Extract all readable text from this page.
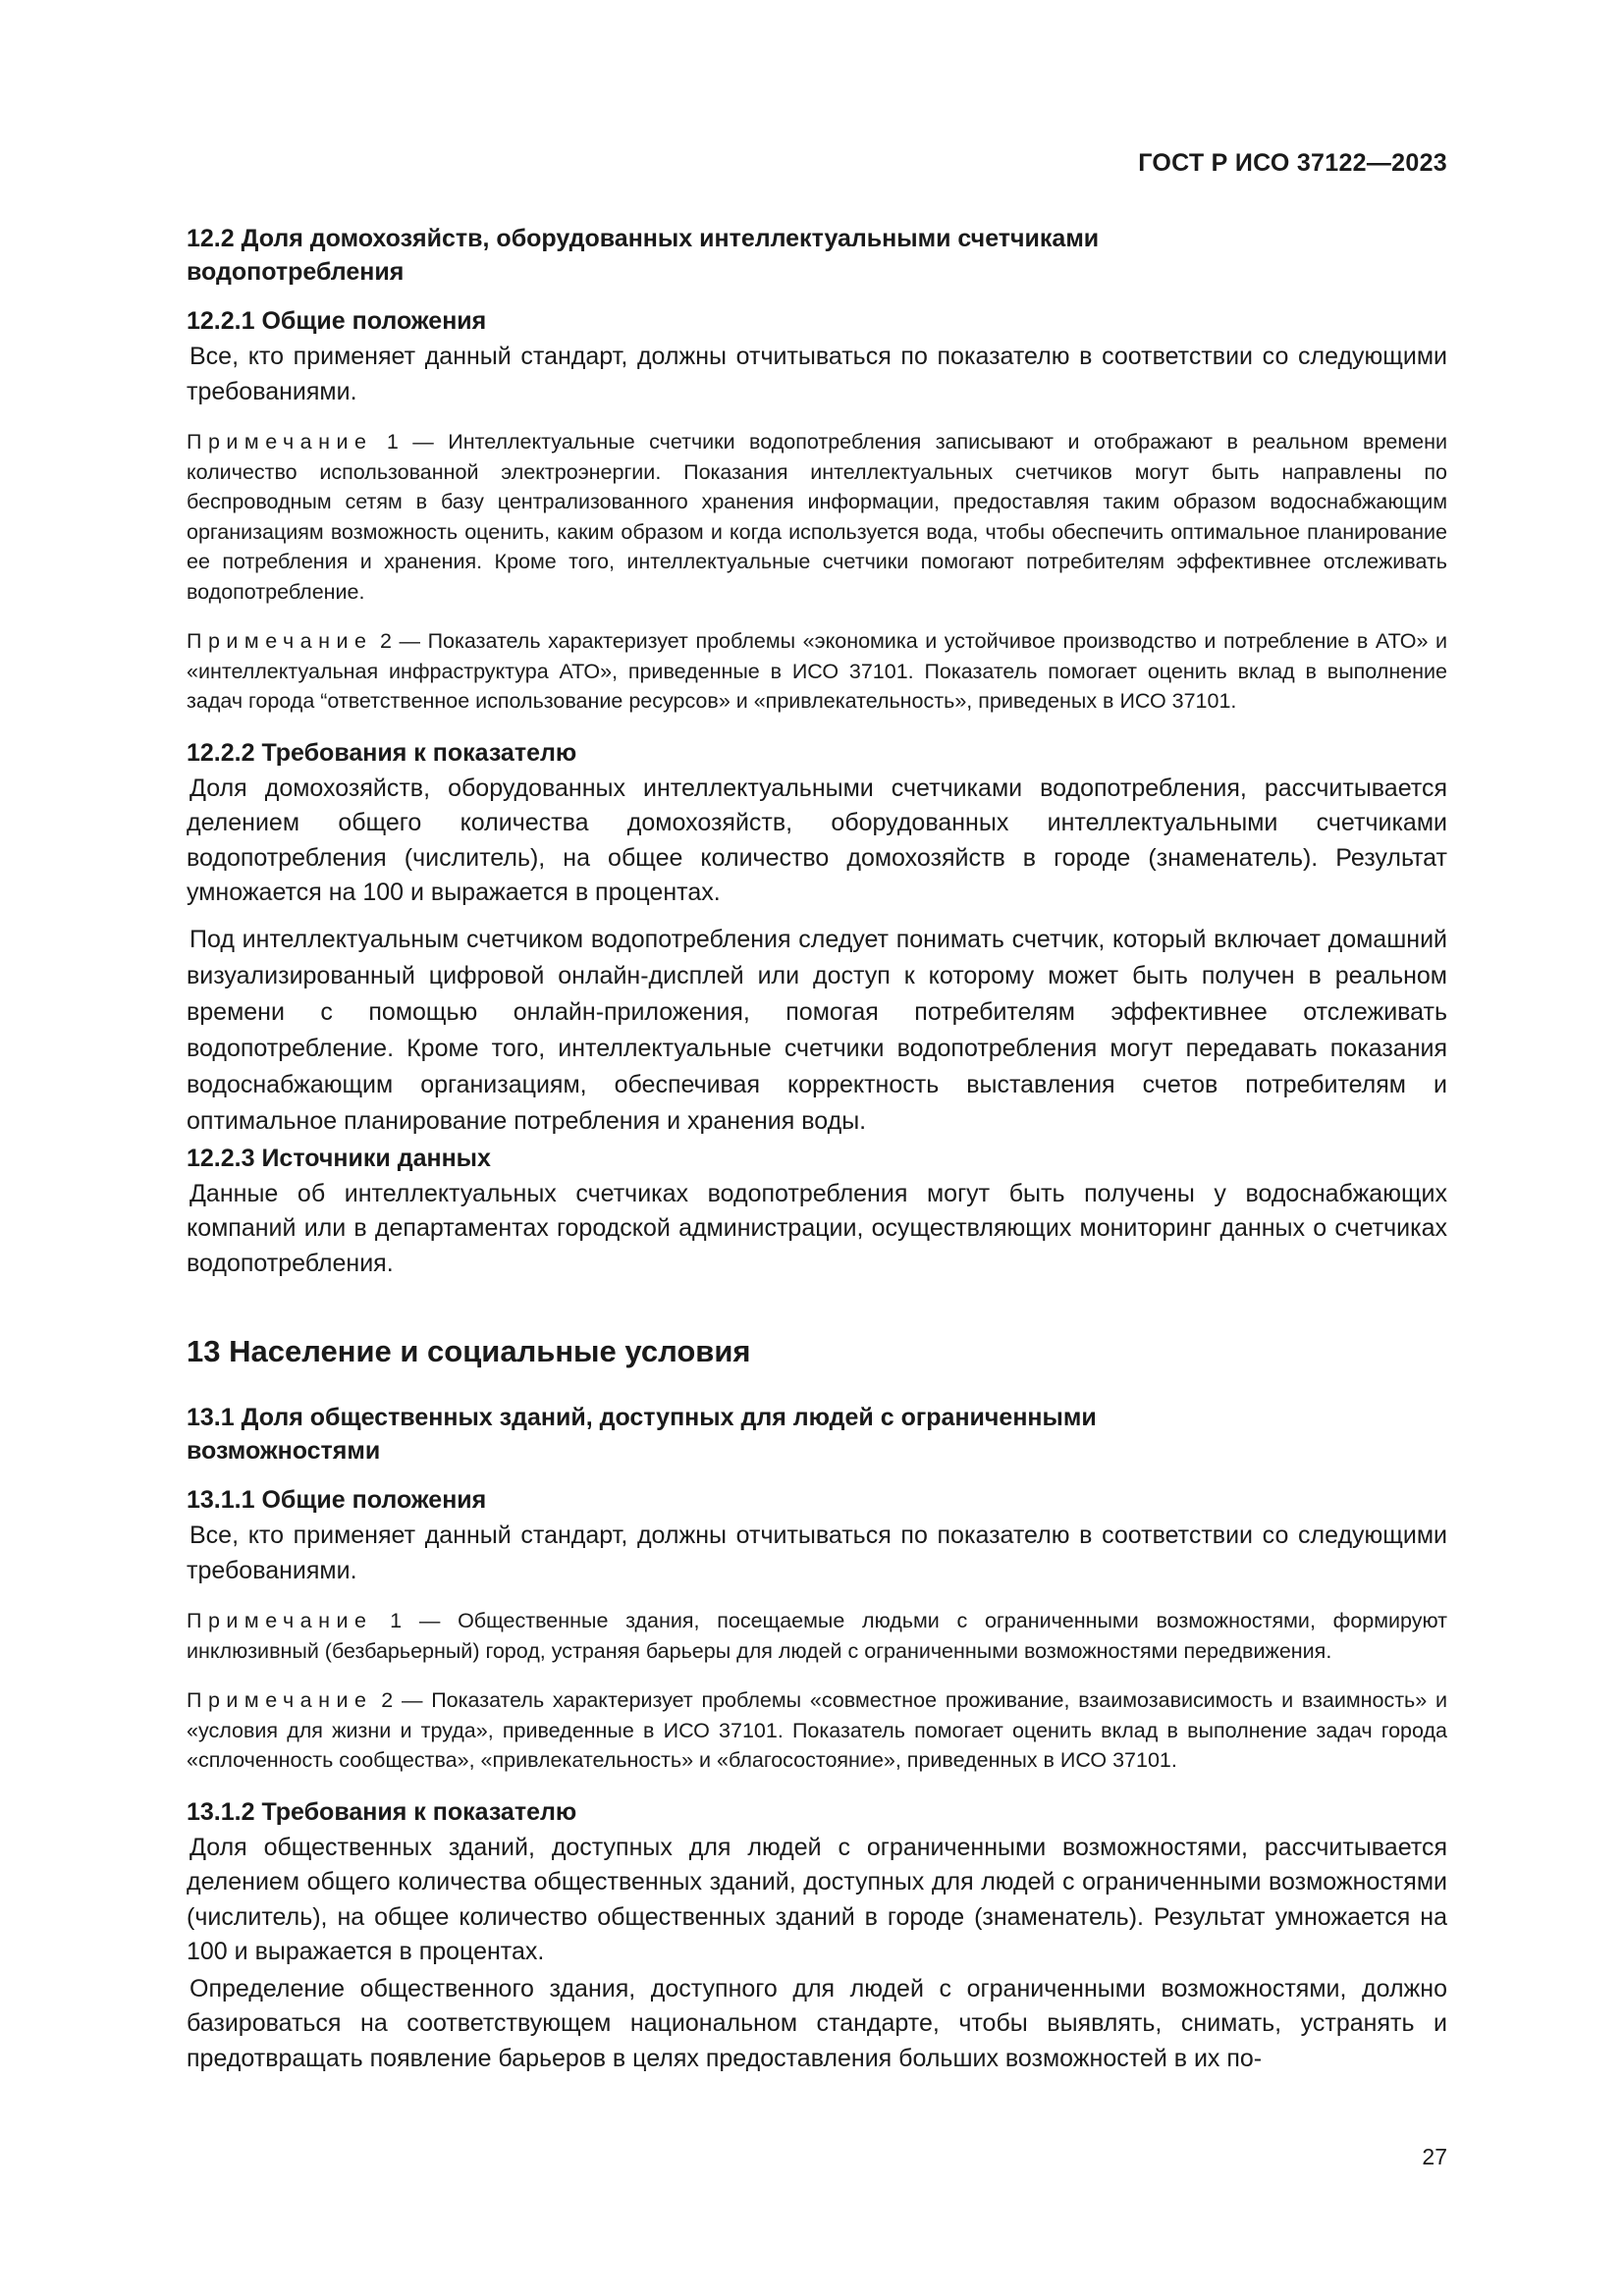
ГОСТ Р ИСО 37122—2023
12.2 Доля домохозяйств, оборудованных интеллектуальными счетчиками
водопотребления
12.2.1 Общие положения

Все, кто применяет данный стандарт, должны отчитываться по показателю в соответствии со следующими требованиями.

Примечание 1 — Интеллектуальные счетчики водопотребления записывают и отображают в реальном времени количество использованной электроэнергии. Показания интеллектуальных счетчиков могут быть направлены по беспроводным сетям в базу централизованного хранения информации, предоставляя таким образом водоснабжающим организациям возможность оценить, каким образом и когда используется вода, чтобы обеспечить оптимальное планирование ее потребления и хранения. Кроме того, интеллектуальные счетчики помогают потребителям эффективнее отслеживать водопотребление.

Примечание 2 — Показатель характеризует проблемы «экономика и устойчивое производство и потребление в АТО» и «интеллектуальная инфраструктура АТО», приведенные в ИСО 37101. Показатель помогает оценить вклад в выполнение задач города “ответственное использование ресурсов» и «привлекательность», приведеных в ИСО 37101.

12.2.2 Требования к показателю

Доля домохозяйств, оборудованных интеллектуальными счетчиками водопотребления, рассчитывается делением общего количества домохозяйств, оборудованных интеллектуальными счетчиками водопотребления (числитель), на общее количество домохозяйств в городе (знаменатель). Результат умножается на 100 и выражается в процентах.

Под интеллектуальным счетчиком водопотребления следует понимать счетчик, который включает домашний визуализированный цифровой онлайн-дисплей или доступ к которому может быть получен в реальном времени с помощью онлайн-приложения, помогая потребителям эффективнее отслеживать водопотребление. Кроме того, интеллектуальные счетчики водопотребления могут передавать показания водоснабжающим организациям, обеспечивая корректность выставления счетов потребителям и оптимальное планирование потребления и хранения воды.

12.2.3 Источники данных

Данные об интеллектуальных счетчиках водопотребления могут быть получены у водоснабжающих компаний или в департаментах городской администрации, осуществляющих мониторинг данных о счетчиках водопотребления.

13 Население и социальные условия
13.1 Доля общественных зданий, доступных для людей с ограниченными
возможностями
13.1.1 Общие положения

Все, кто применяет данный стандарт, должны отчитываться по показателю в соответствии со следующими требованиями.

Примечание 1 — Общественные здания, посещаемые людьми с ограниченными возможностями, формируют инклюзивный (безбарьерный) город, устраняя барьеры для людей с ограниченными возможностями передвижения.

Примечание 2 — Показатель характеризует проблемы «совместное проживание, взаимозависимость и взаимность» и «условия для жизни и труда», приведенные в ИСО 37101. Показатель помогает оценить вклад в выполнение задач города «сплоченность сообщества», «привлекательность» и «благосостояние», приведенных в ИСО 37101.

13.1.2 Требования к показателю

Доля общественных зданий, доступных для людей с ограниченными возможностями, рассчитывается делением общего количества общественных зданий, доступных для людей с ограниченными возможностями (числитель), на общее количество общественных зданий в городе (знаменатель). Результат умножается на 100 и выражается в процентах.

Определение общественного здания, доступного для людей с ограниченными возможностями, должно базироваться на соответствующем национальном стандарте, чтобы выявлять, снимать, устранять и предотвращать появление барьеров в целях предоставления больших возможностей в их по-

27
